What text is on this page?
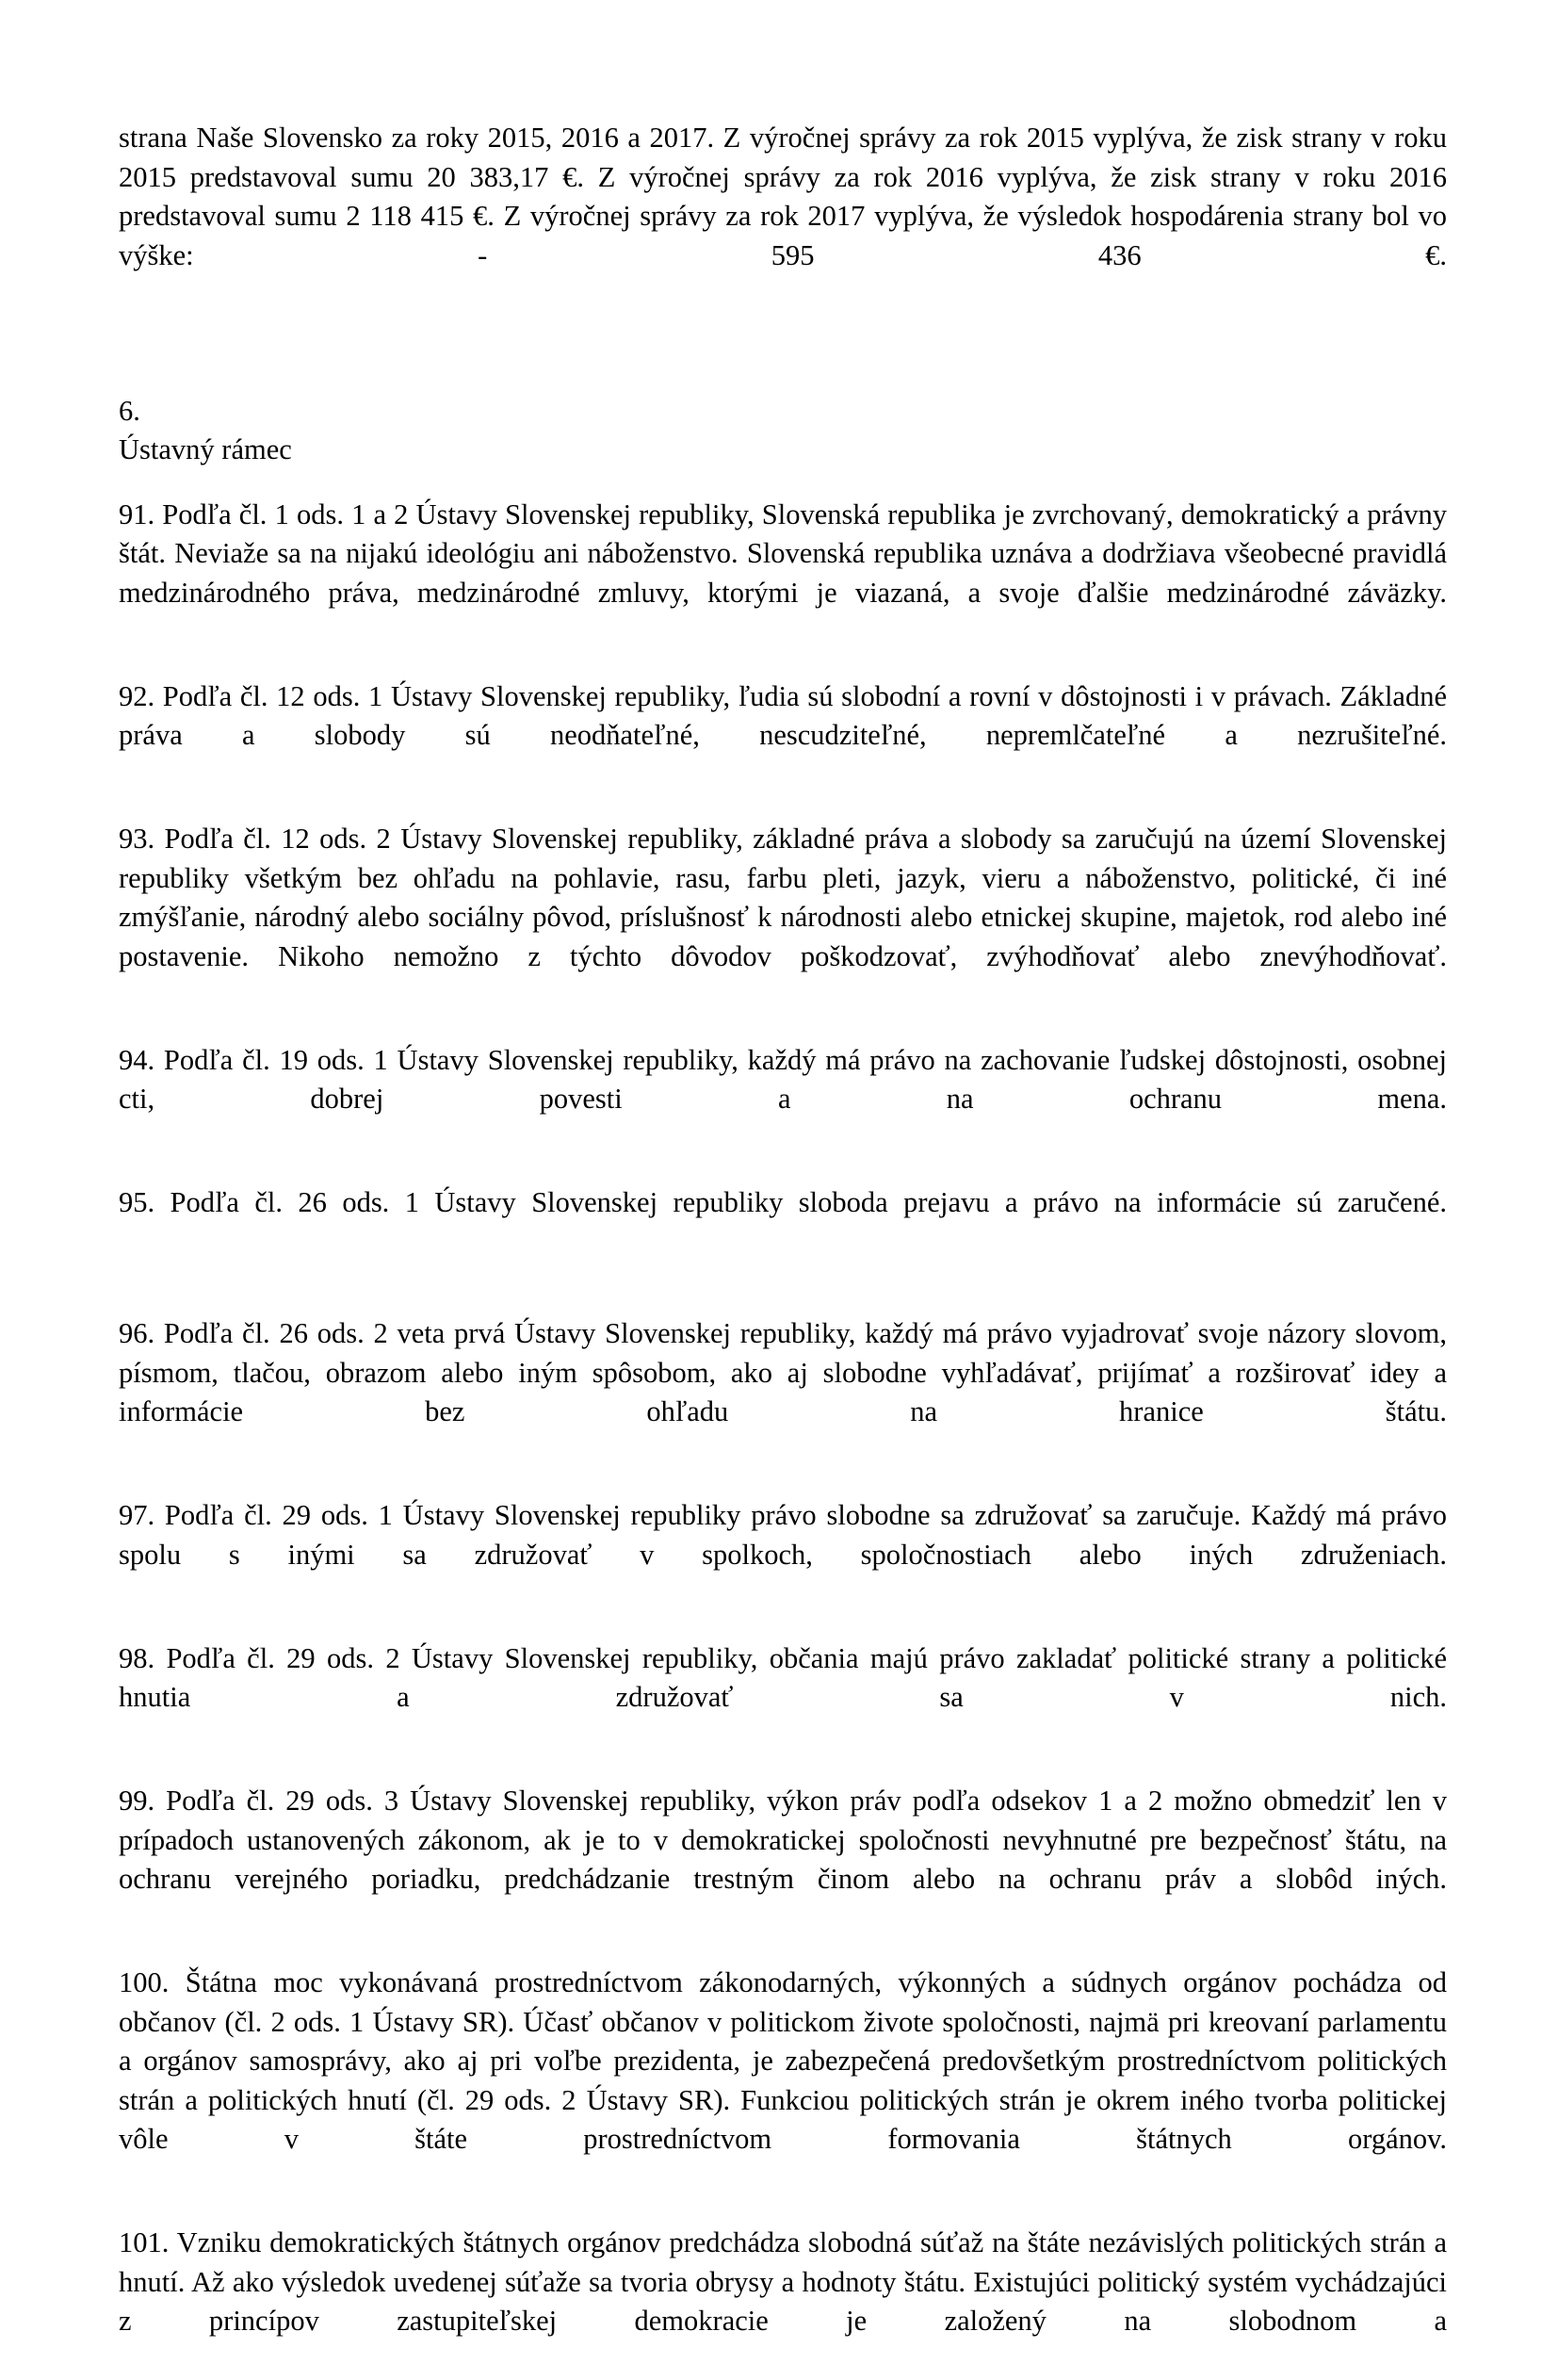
strana Naše Slovensko za roky 2015, 2016 a 2017. Z výročnej správy za rok 2015 vyplýva, že zisk strany v roku 2015 predstavoval sumu 20 383,17 €. Z výročnej správy za rok 2016 vyplýva, že zisk strany v roku 2016 predstavoval sumu 2 118 415 €. Z výročnej správy za rok 2017 vyplýva, že výsledok hospodárenia strany bol vo výške: - 595 436 €.

6.

Ústavný rámec

91. Podľa čl. 1 ods. 1 a 2 Ústavy Slovenskej republiky, Slovenská republika je zvrchovaný, demokratický a právny štát. Neviaže sa na nijakú ideológiu ani náboženstvo. Slovenská republika uznáva a dodržiava všeobecné pravidlá medzinárodného práva, medzinárodné zmluvy, ktorými je viazaná, a svoje ďalšie medzinárodné záväzky.

92. Podľa čl. 12 ods. 1 Ústavy Slovenskej republiky, ľudia sú slobodní a rovní v dôstojnosti i v právach. Základné práva a slobody sú neodňateľné, nescudziteľné, nepremlčateľné a nezrušiteľné.

93. Podľa čl. 12 ods. 2 Ústavy Slovenskej republiky, základné práva a slobody sa zaručujú na území Slovenskej republiky všetkým bez ohľadu na pohlavie, rasu, farbu pleti, jazyk, vieru a náboženstvo, politické, či iné zmýšľanie, národný alebo sociálny pôvod, príslušnosť k národnosti alebo etnickej skupine, majetok, rod alebo iné postavenie. Nikoho nemožno z týchto dôvodov poškodzovať, zvýhodňovať alebo znevýhodňovať.

94. Podľa čl. 19 ods. 1 Ústavy Slovenskej republiky, každý má právo na zachovanie ľudskej dôstojnosti, osobnej cti, dobrej povesti a na ochranu mena.

95. Podľa čl. 26 ods. 1 Ústavy Slovenskej republiky sloboda prejavu a právo na informácie sú zaručené.

96. Podľa čl. 26 ods. 2 veta prvá Ústavy Slovenskej republiky, každý má právo vyjadrovať svoje názory slovom, písmom, tlačou, obrazom alebo iným spôsobom, ako aj slobodne vyhľadávať, prijímať a rozširovať idey a informácie bez ohľadu na hranice štátu.

97. Podľa čl. 29 ods. 1 Ústavy Slovenskej republiky právo slobodne sa združovať sa zaručuje. Každý má právo spolu s inými sa združovať v spolkoch, spoločnostiach alebo iných združeniach.

98. Podľa čl. 29 ods. 2 Ústavy Slovenskej republiky, občania majú právo zakladať politické strany a politické hnutia a združovať sa v nich.

99. Podľa čl. 29 ods. 3 Ústavy Slovenskej republiky, výkon práv podľa odsekov 1 a 2 možno obmedziť len v prípadoch ustanovených zákonom, ak je to v demokratickej spoločnosti nevyhnutné pre bezpečnosť štátu, na ochranu verejného poriadku, predchádzanie trestným činom alebo na ochranu práv a slobôd iných.

100. Štátna moc vykonávaná prostredníctvom zákonodarných, výkonných a súdnych orgánov pochádza od občanov (čl. 2 ods. 1 Ústavy SR). Účasť občanov v politickom živote spoločnosti, najmä pri kreovaní parlamentu a orgánov samosprávy, ako aj pri voľbe prezidenta, je zabezpečená predovšetkým prostredníctvom politických strán a politických hnutí (čl. 29 ods. 2 Ústavy SR). Funkciou politických strán je okrem iného tvorba politickej vôle v štáte prostredníctvom formovania štátnych orgánov.

101. Vzniku demokratických štátnych orgánov predchádza slobodná súťaž na štáte nezávislých politických strán a hnutí. Až ako výsledok uvedenej súťaže sa tvoria obrysy a hodnoty štátu. Existujúci politický systém vychádzajúci z princípov zastupiteľskej demokracie je založený na slobodnom a
